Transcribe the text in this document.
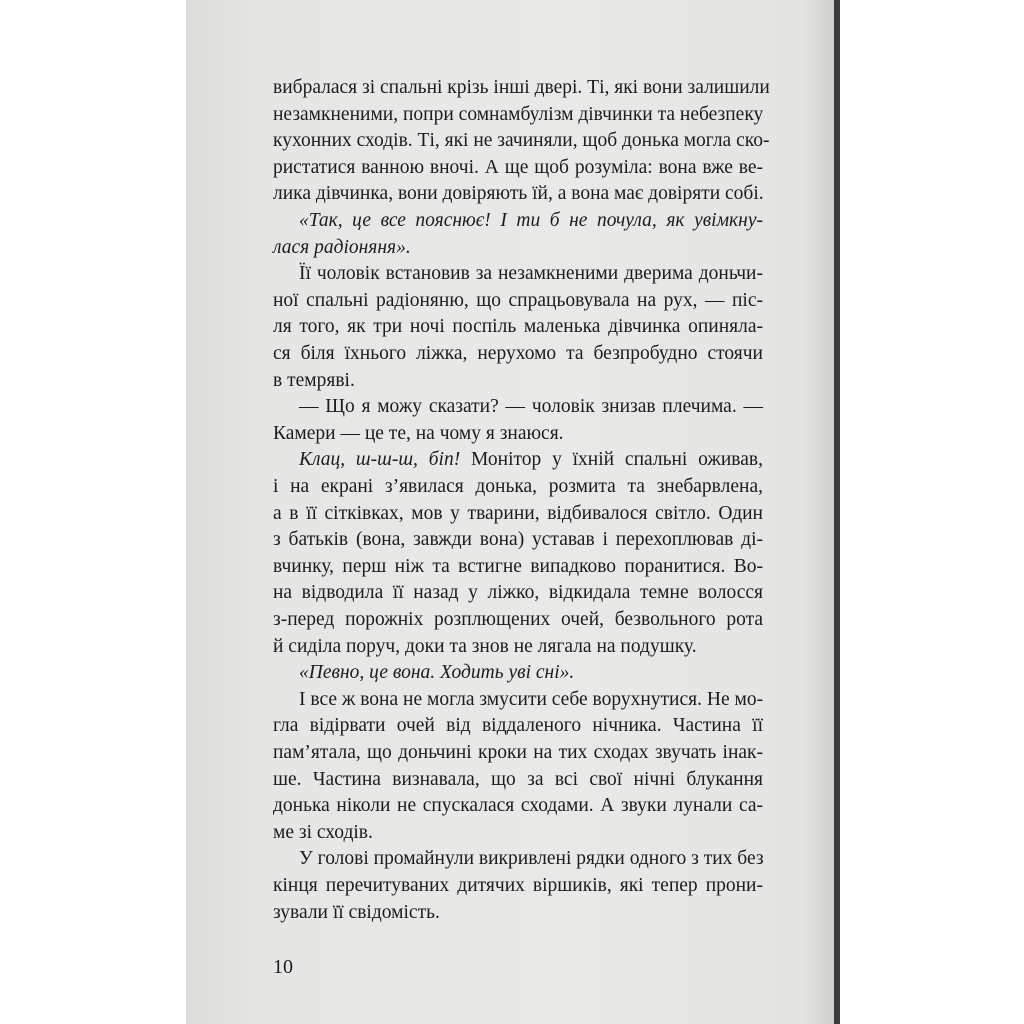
вибралася зі спальні крізь інші двері. Ті, які вони залишили
незамкненими, попри сомнамбулізм дівчинки та небезпеку
кухонних сходів. Ті, які не зачиняли, щоб донька могла ско-
ристатися ванною вночі. А ще щоб розуміла: вона вже ве-
лика дівчинка, вони довіряють їй, а вона має довіряти собі.
«Так, це все пояснює! І ти б не почула, як увімкну-
лася радіоняня».
Її чоловік встановив за незамкненими дверима доньчи-
ної спальні радіоняню, що спрацьовувала на рух, — піс-
ля того, як три ночі поспіль маленька дівчинка опинялa-
ся біля їхнього ліжка, нерухомо та безпробудно стоячи
в темряві.
— Що я можу сказати? — чоловік знизав плечима. —
Камери — це те, на чому я знаюся.
Клац, ш-ш-ш, біп! Монітор у їхній спальні оживав,
і на екрані з’явилася донька, розмита та знебарвлена,
а в її сітківках, мов у тварини, відбивалося світло. Один
з батьків (вона, завжди вона) уставав і перехоплював ді-
вчинку, перш ніж та встигне випадково поранитися. Во-
на відводила її назад у ліжко, відкидала темне волосся
з-перед порожніх розплющених очей, безвольного рота
й сиділа поруч, доки та знов не лягала на подушку.
«Певно, це вона. Ходить уві сні».
І все ж вона не могла змусити себе ворухнутися. Не мо-
гла відірвати очей від віддаленого нічника. Частина її
пам’ятала, що доньчині кроки на тих сходах звучать інак-
ше. Частина визнавала, що за всі свої нічні блукання
донька ніколи не спускалася сходами. А звуки лунали са-
ме зі сходів.
У голові промайнули викривлені рядки одного з тих без
кінця перечитуваних дитячих віршиків, які тепер прони-
зували її свідомість.
10
